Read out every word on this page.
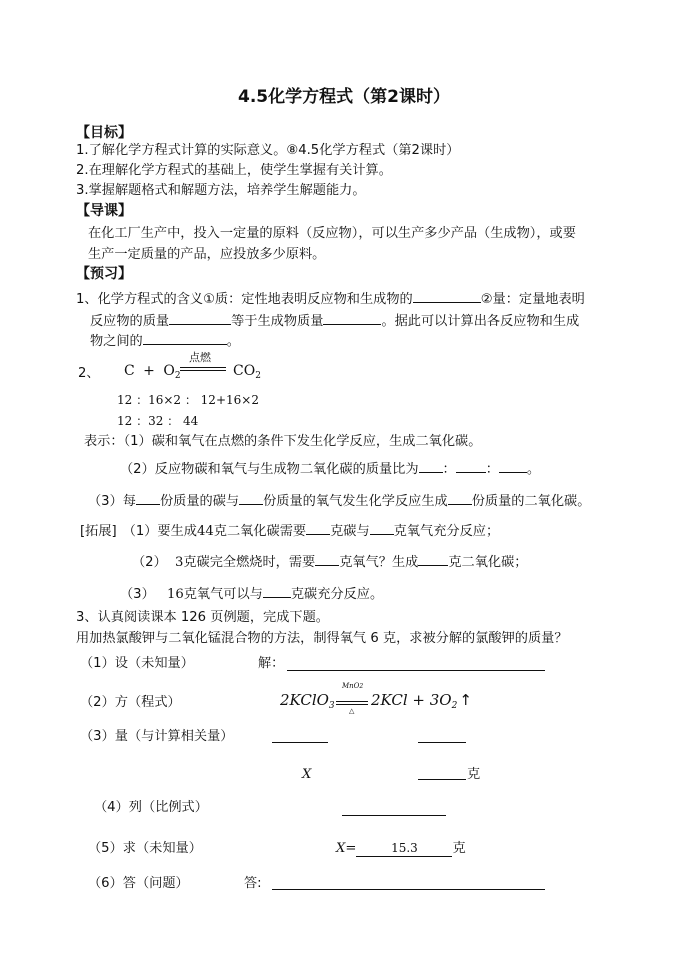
4.5化学方程式（第2课时）
【目标】
1.了解化学方程式计算的实际意义。⑧4.5化学方程式（第2课时）
2.在理解化学方程式的基础上，使学生掌握有关计算。
3.掌握解题格式和解题方法，培养学生解题能力。
【导课】
在化工厂生产中，投入一定量的原料（反应物），可以生产多少产品（生成物），或要
生产一定质量的产品，应投放多少原料。
【预习】
1、化学方程式的含义①质：定性地表明反应物和生成物的	②量：定量地表明
反应物的质量	等于生成物质量	。据此可以计算出各反应物和生成
物之间的	。
2、 $C + O_2$
点燃
$CO_2$
12 ：16×2 ： 12+16×2
12 ：32 ： 44
表示：（1）碳和氧气在点燃的条件下发生化学反应，生成二氧化碳。
（2）反应物碳和氧气与生成物二氧化碳的质量比为 ： ： 。
（3）每 份质量的碳与 份质量的氧气发生化学反应生成 份质量的二氧化碳。
[拓展] （1）要生成44克二氧化碳需要 克碳与 克氧气充分反应；
（2） 3克碳完全燃烧时，需要 克氧气？生成 克二氧化碳；
（3） 16克氧气可以与 克碳充分反应。
3、认真阅读课本 126 页例题，完成下题。
用加热氯酸钾与二氧化锰混合物的方法，制得氧气 6 克，求被分解的氯酸钾的质量？
（1）设（未知量）	解：
（2）方（程式）	2KClO$_3$
MnO2
△
$2KCl + 3O_2$ ↑
（3）量（与计算相关量）
X	克
（4）列（比例式）
（5）求（未知量）	X=	15.3	克
（6）答（问题）	答:
